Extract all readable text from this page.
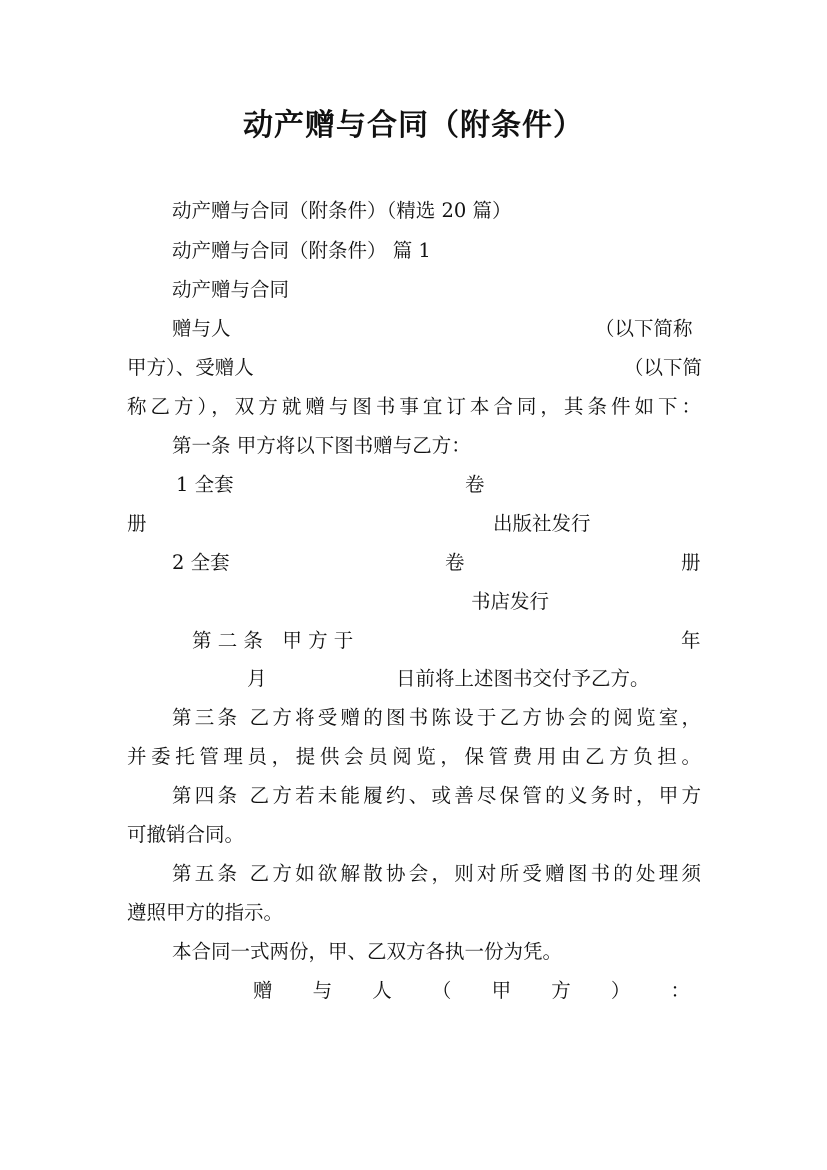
动产赠与合同（附条件）
动产赠与合同（附条件）（精选 20 篇）
动产赠与合同（附条件） 篇 1
动产赠与合同
赠与人	（以下简称
甲方）、受赠人	（以下简
称乙方），双方就赠与图书事宜订本合同，其条件如下：
第一条 甲方将以下图书赠与乙方：
1 全套	卷
册	出版社发行
2 全套	卷	册
书店发行
第 二 条　甲 方 于	年
月	日前将上述图书交付予乙方。
第三条 乙方将受赠的图书陈设于乙方协会的阅览室，
并委托管理员，提供会员阅览，保管费用由乙方负担。
第四条 乙方若未能履约、或善尽保管的义务时，甲方
可撤销合同。
第五条 乙方如欲解散协会，则对所受赠图书的处理须
遵照甲方的指示。
本合同一式两份，甲、乙双方各执一份为凭。
赠 与 人 （ 甲 方 ） ：
